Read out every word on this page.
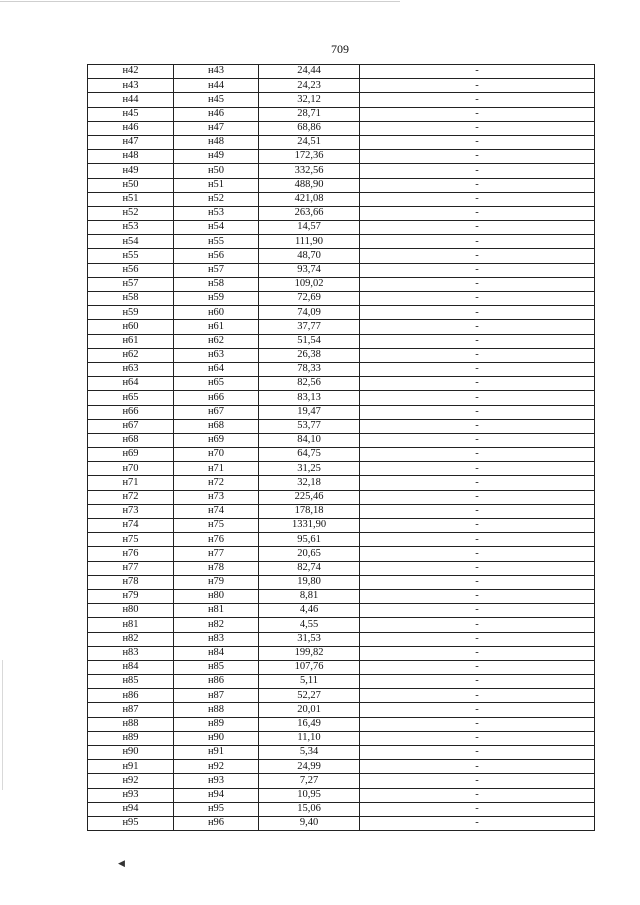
709
н42	н43	24,44	-
н43	н44	24,23	-
н44	н45	32,12	-
н45	н46	28,71	-
н46	н47	68,86	-
н47	н48	24,51	-
н48	н49	172,36	-
н49	н50	332,56	-
н50	н51	488,90	-
н51	н52	421,08	-
н52	н53	263,66	-
н53	н54	14,57	-
н54	н55	111,90	-
н55	н56	48,70	-
н56	н57	93,74	-
н57	н58	109,02	-
н58	н59	72,69	-
н59	н60	74,09	-
н60	н61	37,77	-
н61	н62	51,54	-
н62	н63	26,38	-
н63	н64	78,33	-
н64	н65	82,56	-
н65	н66	83,13	-
н66	н67	19,47	-
н67	н68	53,77	-
н68	н69	84,10	-
н69	н70	64,75	-
н70	н71	31,25	-
н71	н72	32,18	-
н72	н73	225,46	-
н73	н74	178,18	-
н74	н75	1331,90	-
н75	н76	95,61	-
н76	н77	20,65	-
н77	н78	82,74	-
н78	н79	19,80	-
н79	н80	8,81	-
н80	н81	4,46	-
н81	н82	4,55	-
н82	н83	31,53	-
н83	н84	199,82	-
н84	н85	107,76	-
н85	н86	5,11	-
н86	н87	52,27	-
н87	н88	20,01	-
н88	н89	16,49	-
н89	н90	11,10	-
н90	н91	5,34	-
н91	н92	24,99	-
н92	н93	7,27	-
н93	н94	10,95	-
н94	н95	15,06	-
н95	н96	9,40	-
◀
